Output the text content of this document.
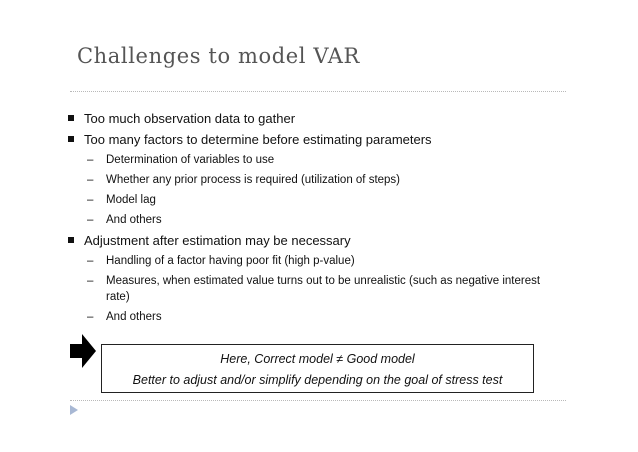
Challenges to model VAR
Too much observation data to gather
Too many factors to determine before estimating parameters
– Determination of variables to use
– Whether any prior process is required (utilization of steps)
– Model lag
– And others
Adjustment after estimation may be necessary
– Handling of a factor having poor fit (high p-value)
– Measures, when estimated value turns out to be unrealistic (such as negative interest rate)
– And others
Here, Correct model ≠ Good model
Better to adjust and/or simplify depending on the goal of stress test
